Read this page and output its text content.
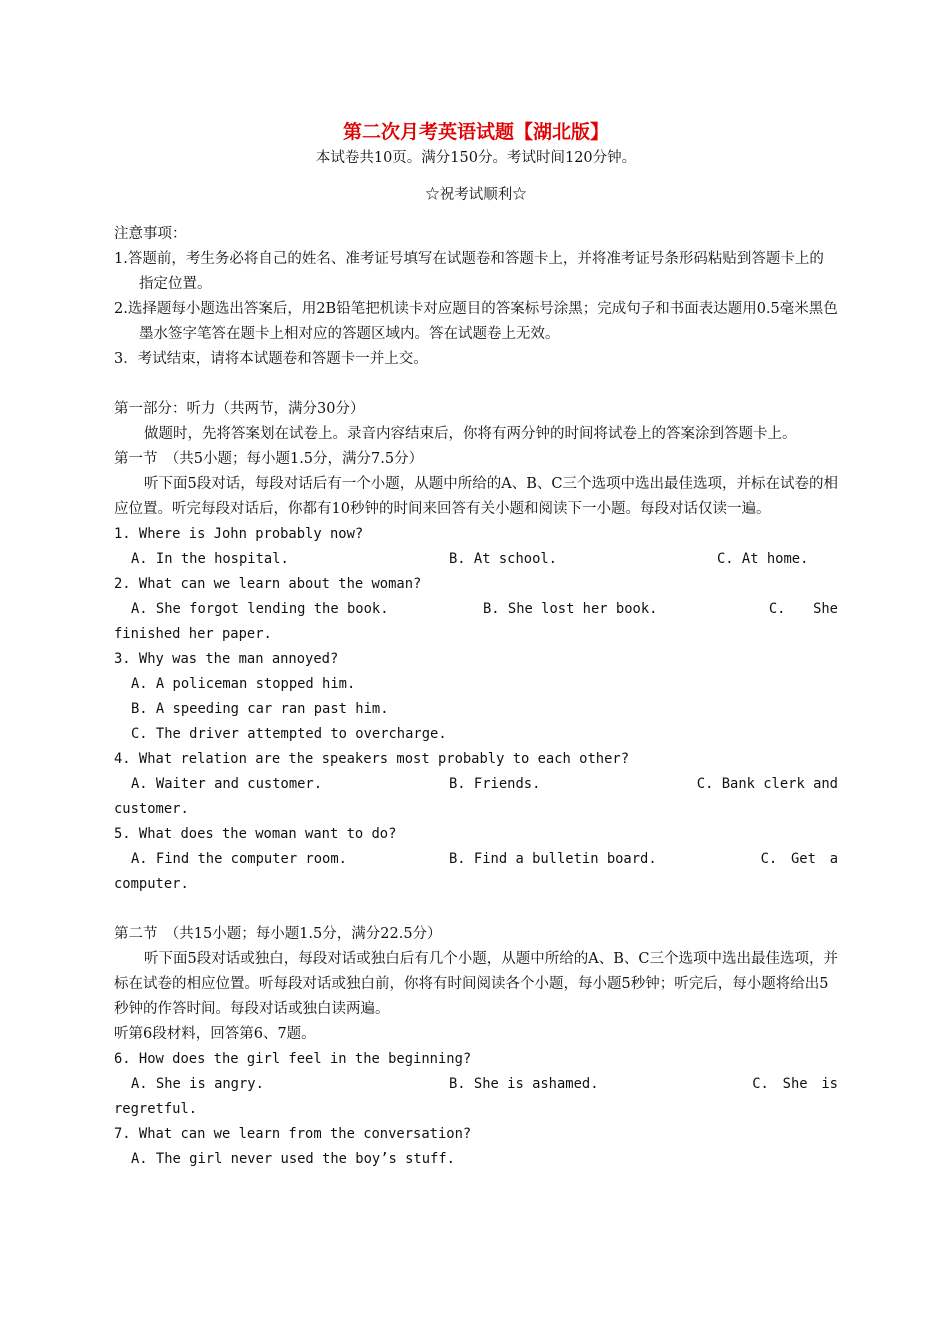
第二次月考英语试题【湖北版】

本试卷共10页。满分150分。考试时间120分钟。

☆祝考试顺利☆

注意事项：

1.答题前，考生务必将自己的姓名、准考证号填写在试题卷和答题卡上，并将准考证号条形码粘贴到答题卡上的指定位置。

2.选择题每小题选出答案后，用2B铅笔把机读卡对应题目的答案标号涂黑；完成句子和书面表达题用0.5毫米黑色墨水签字笔答在题卡上相对应的答题区域内。答在试题卷上无效。

3．考试结束，请将本试题卷和答题卡一并上交。

第一部分：听力（共两节，满分30分）

做题时，先将答案划在试卷上。录音内容结束后，你将有两分钟的时间将试卷上的答案涂到答题卡上。

第一节　（共5小题；每小题1.5分，满分7.5分）

听下面5段对话，每段对话后有一个小题，从题中所给的A、B、C三个选项中选出最佳选项，并标在试卷的相应位置。听完每段对话后，你都有10秒钟的时间来回答有关小题和阅读下一小题。每段对话仅读一遍。

1. Where is John probably now?

A. In the hospital.	B. At school.	C. At home.

2. What can we learn about the woman?

A. She forgot lending the book.	B. She lost her book.	C.　　She

finished her paper.

3. Why was the man annoyed?

A. A policeman stopped him.

B. A speeding car ran past him.

C. The driver attempted to overcharge.

4. What relation are the speakers most probably to each other?

A. Waiter and customer.	B. Friends.	C. Bank clerk and

customer.

5. What does the woman want to do?

A. Find the computer room.	B. Find a bulletin board.	C.　Get　a

computer.

第二节　（共15小题；每小题1.5分，满分22.5分）

听下面5段对话或独白，每段对话或独白后有几个小题，从题中所给的A、B、C三个选项中选出最佳选项，并标在试卷的相应位置。听每段对话或独白前，你将有时间阅读各个小题，每小题5秒钟；听完后，每小题将给出5秒钟的作答时间。每段对话或独白读两遍。

听第6段材料，回答第6、7题。

6. How does the girl feel in the beginning?

A. She is angry.	B. She is ashamed.	C.　She　is

regretful.

7. What can we learn from the conversation?

A. The girl never used the boy’s stuff.
